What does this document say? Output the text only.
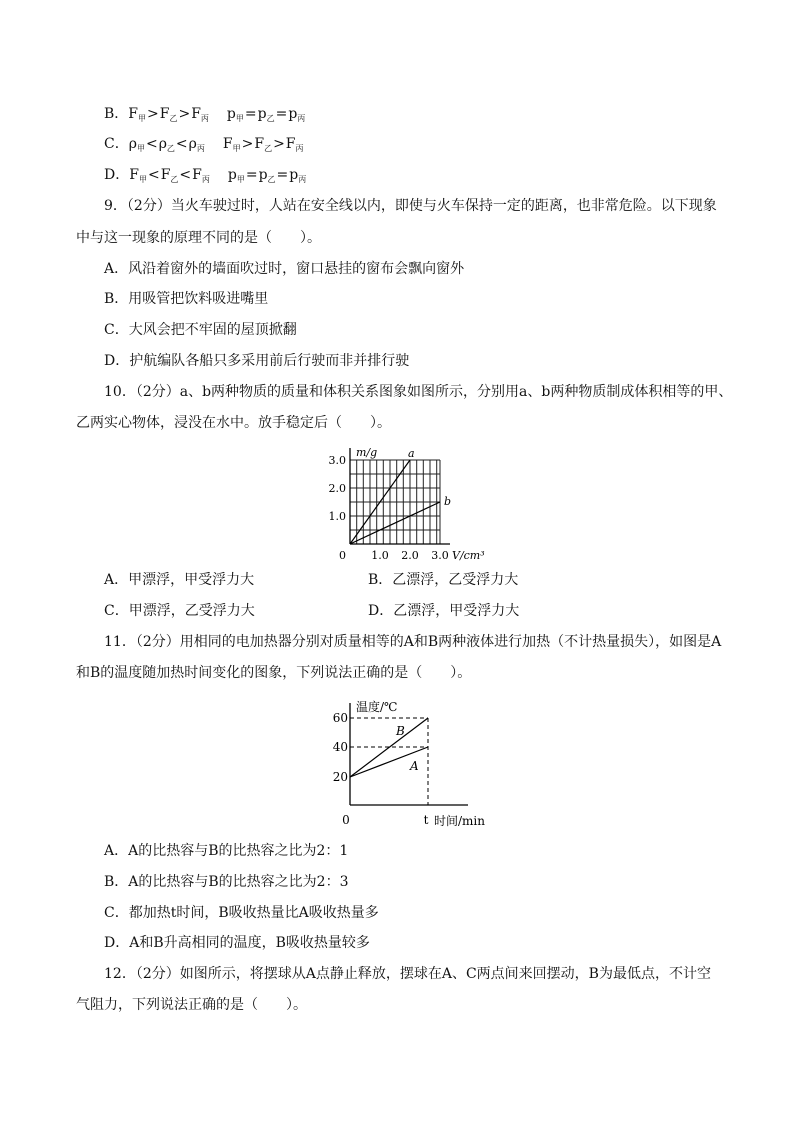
B．$F_甲>F_乙>F_丙$ $p_甲=p_乙=p_丙$
C．$\rho_甲<\rho_乙<\rho_丙$ $F_甲>F_乙>F_丙$
D．$F_甲<F_乙<F_丙$ $p_甲=p_乙=p_丙$
9．（2分）当火车驶过时，人站在安全线以内，即使与火车保持一定的距离，也非常危险。以下现象
中与这一现象的原理不同的是（　　）。
A．风沿着窗外的墙面吹过时，窗口悬挂的窗布会飘向窗外
B．用吸管把饮料吸进嘴里
C．大风会把不牢固的屋顶掀翻
D．护航编队各船只多采用前后行驶而非并排行驶
10．（2分）a、b两种物质的质量和体积关系图象如图所示，分别用a、b两种物质制成体积相等的甲、
乙两实心物体，浸没在水中。放手稳定后（　　）。
m/g	a
b
3.0
2.0
1.0
0 1.0 2.0 3.0 V/cm³
A．甲漂浮，甲受浮力大	B．乙漂浮，乙受浮力大
C．甲漂浮，乙受浮力大	D．乙漂浮，甲受浮力大
11．（2分）用相同的电加热器分别对质量相等的A和B两种液体进行加热（不计热量损失），如图是A
和B的温度随加热时间变化的图象，下列说法正确的是（　　）。
温度/℃
B
A
60
40
20
0	t 时间/min
A．A的比热容与B的比热容之比为2：1
B．A的比热容与B的比热容之比为2：3
C．都加热t时间，B吸收热量比A吸收热量多
D．A和B升高相同的温度，B吸收热量较多
12．（2分）如图所示，将摆球从A点静止释放，摆球在A、C两点间来回摆动，B为最低点，不计空
气阻力，下列说法正确的是（　　）。
